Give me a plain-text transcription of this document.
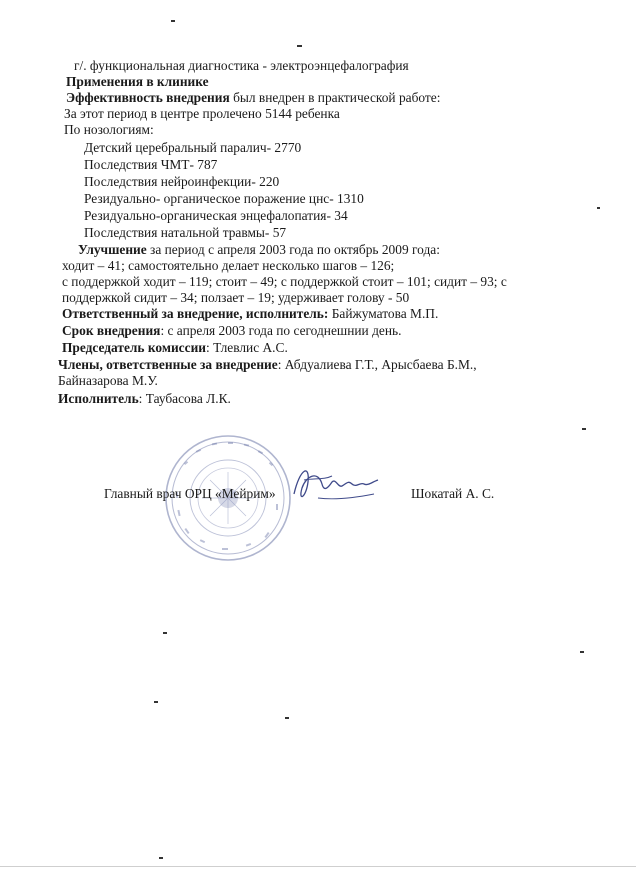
г/. функциональная диагностика - электроэнцефалография
Применения в клинике
Эффективность внедрения был внедрен в практической работе:
За этот период в центре пролечено 5144 ребенка
По нозологиям:
Детский церебральный паралич- 2770
Последствия ЧМТ- 787
Последствия нейроинфекции- 220
Резидуально- органическое поражение цнс- 1310
Резидуально-органическая энцефалопатия- 34
Последствия натальной травмы- 57
Улучшение за период с апреля 2003 года по октябрь 2009 года:
ходит – 41; самостоятельно делает несколько шагов – 126;
с поддержкой ходит – 119; стоит – 49; с поддержкой стоит – 101; сидит – 93; с
поддержкой сидит – 34; ползает – 19; удерживает голову - 50
Ответственный за внедрение, исполнитель: Байжуматова М.П.
Срок внедрения: с апреля 2003 года по сегоднешнии день.
Председатель комиссии: Тлевлис А.С.
Члены, ответственные за внедрение: Абдуалиева Г.Т., Арысбаева Б.М.,
Байназарова М.У.
Исполнитель: Таубасова Л.К.
Главный врач ОРЦ «Мейрим»	Шокатай А. С.
